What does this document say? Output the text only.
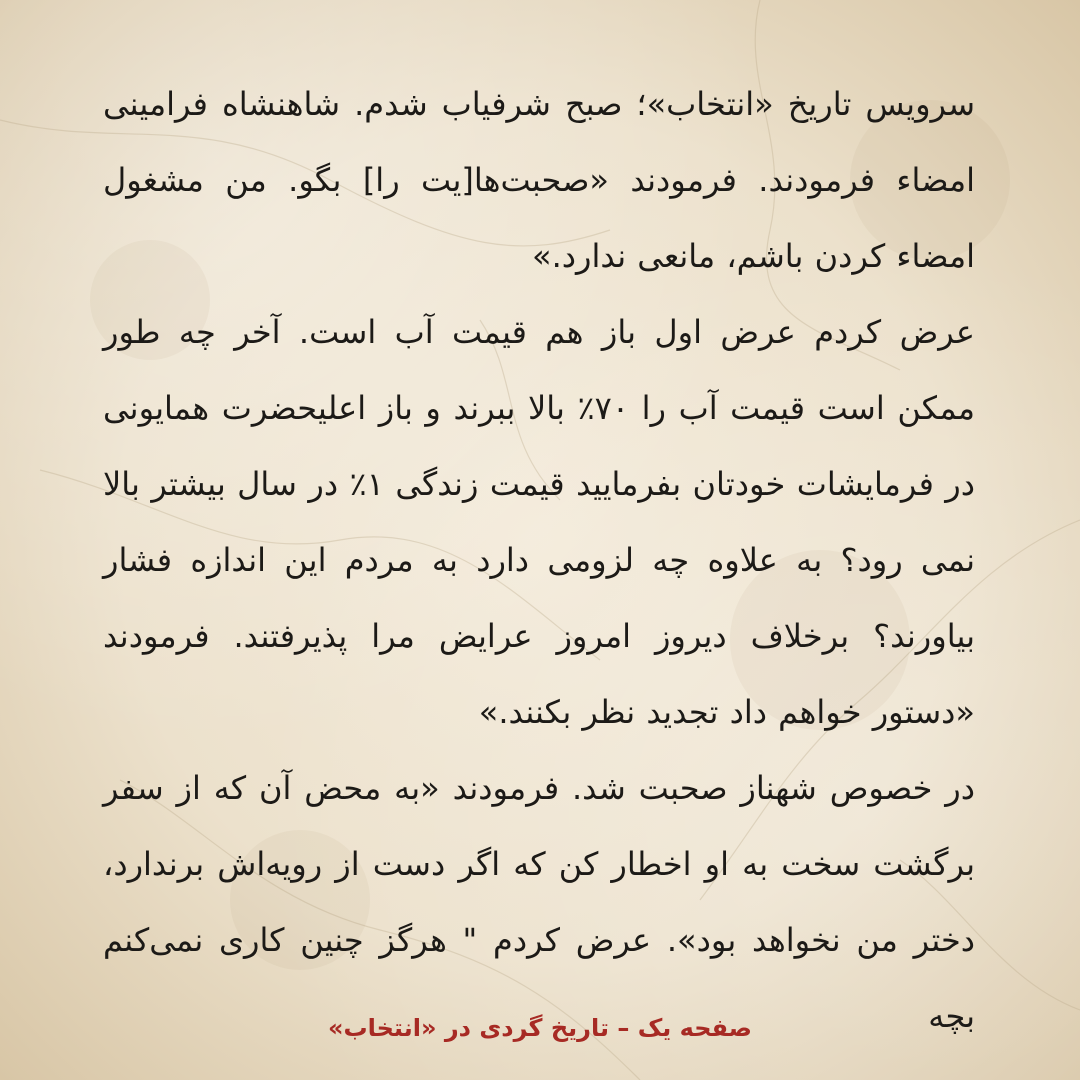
سرویس تاریخ «انتخاب»؛ صبح شرفیاب شدم. شاهنشاه فرامینی امضاء فرمودند. فرمودند «صحبت‌ها[یت را] بگو. من مشغول امضاء کردن باشم، مانعی ندارد.»

عرض کردم عرض اول باز هم قیمت آب است. آخر چه طور ممکن است قیمت آب را ۷۰٪ بالا ببرند و باز اعلیحضرت همایونی در فرمایشات خودتان بفرمایید قیمت زندگی ۱٪ در سال بیشتر بالا نمی رود؟ به علاوه چه لزومی دارد به مردم این اندازه فشار بیاورند؟ برخلاف دیروز امروز عرایض مرا پذیرفتند. فرمودند «دستور خواهم داد تجدید نظر بکنند.»

در خصوص شهناز صحبت شد. فرمودند «به محض آن که از سفر برگشت سخت به او اخطار کن که اگر دست از رویه‌اش برندارد، دختر من نخواهد بود». عرض کردم " هرگز چنین کاری نمی‌کنم بچه

صفحه یک – تاریخ گردی در «انتخاب»
